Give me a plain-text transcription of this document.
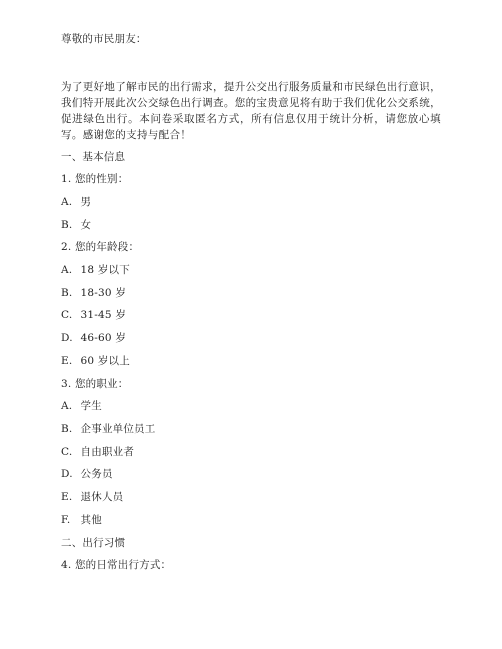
尊敬的市民朋友：
为了更好地了解市民的出行需求，提升公交出行服务质量和市民绿色出行意识，我们特开展此次公交绿色出行调查。您的宝贵意见将有助于我们优化公交系统，促进绿色出行。本问卷采取匿名方式，所有信息仅用于统计分析，请您放心填写。感谢您的支持与配合！
一、基本信息
1. 您的性别：
A. 男
B. 女
2. 您的年龄段：
A. 18 岁以下
B. 18-30 岁
C. 31-45 岁
D. 46-60 岁
E. 60 岁以上
3. 您的职业：
A. 学生
B. 企事业单位员工
C. 自由职业者
D. 公务员
E. 退休人员
F. 其他
二、出行习惯
4. 您的日常出行方式：
